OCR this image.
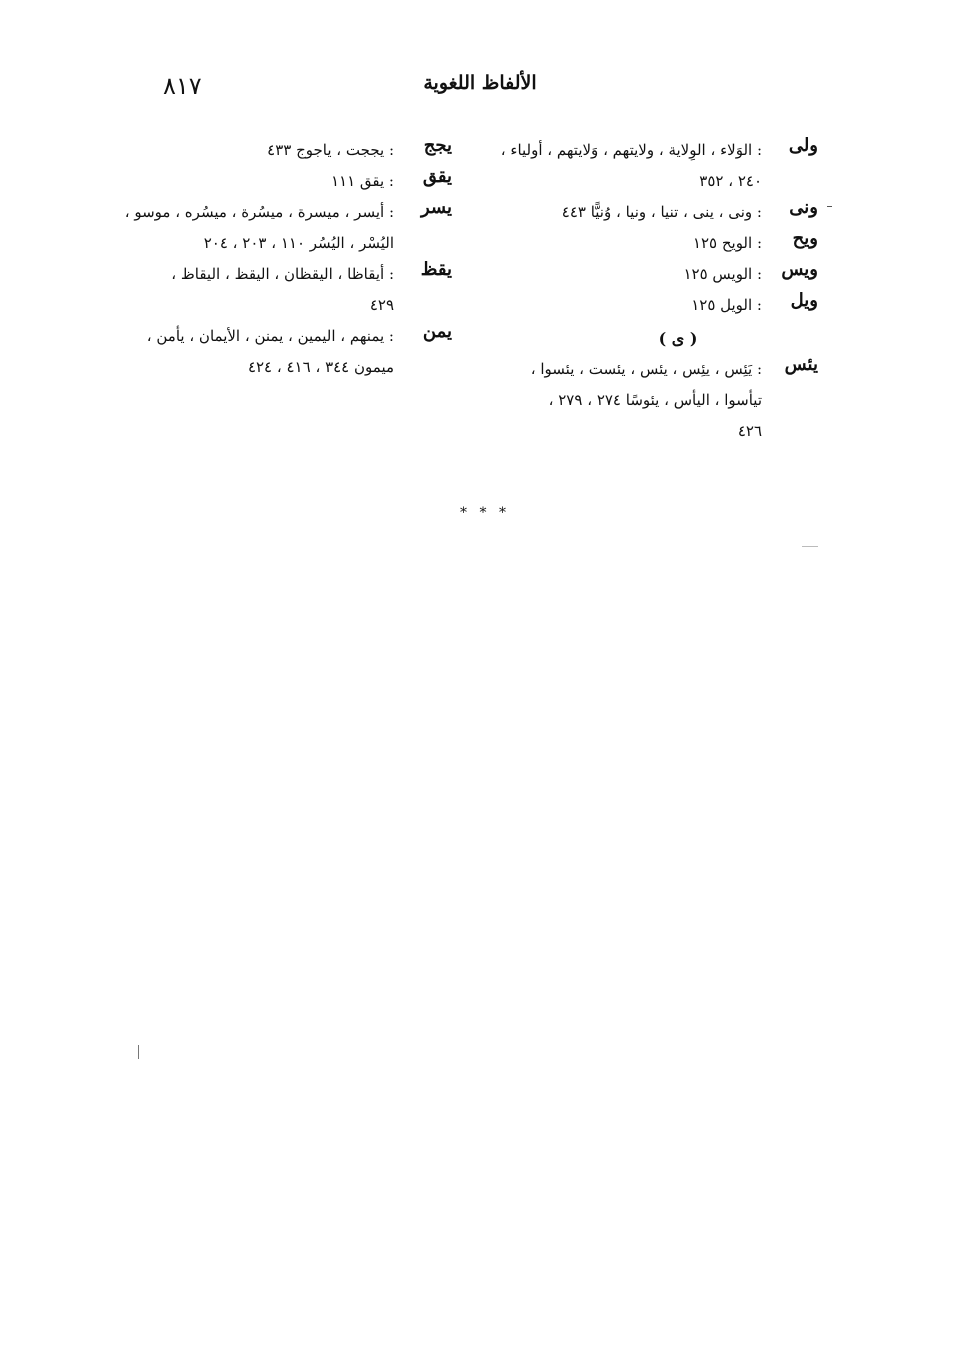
٨١٧	الألفاظ اللغوية
ولى
: الوَلاء ، الوِلاية ، ولايتهم ، وَلايتهم ، أولياء ،
٢٤٠ ، ٣٥٢
ونى
: ونى ، ينى ، تنيا ، ونيا ، وُنيًّا ٤٤٣
ويح
: الويح ١٢٥
ويس
: الويس ١٢٥
ويل
: الويل ١٢٥
( ى )
يئس
: يَئِس ، يئِس ، يئس ، يئست ، يئسوا ،
تيأسوا ، اليأس ، يئوسًا ٢٧٤ ، ٢٧٩ ،
٤٢٦
يجج
: يججت ، ياجوج ٤٣٣
يقق
: يقق ١١١
يسر
: أيسر ، ميسرة ، ميسُرة ، ميسُره ، موسو ،
اليُسْر ، اليُسُر ١١٠ ، ٢٠٣ ، ٢٠٤
يقظ
: أيقاظا ، اليقظان ، اليقظ ، اليقاظ ،
٤٢٩
يمن
: يمنهم ، اليمين ، يمنن ، الأيمان ، يأمن ،
ميمون ٣٤٤ ، ٤١٦ ، ٤٢٤
* * *
